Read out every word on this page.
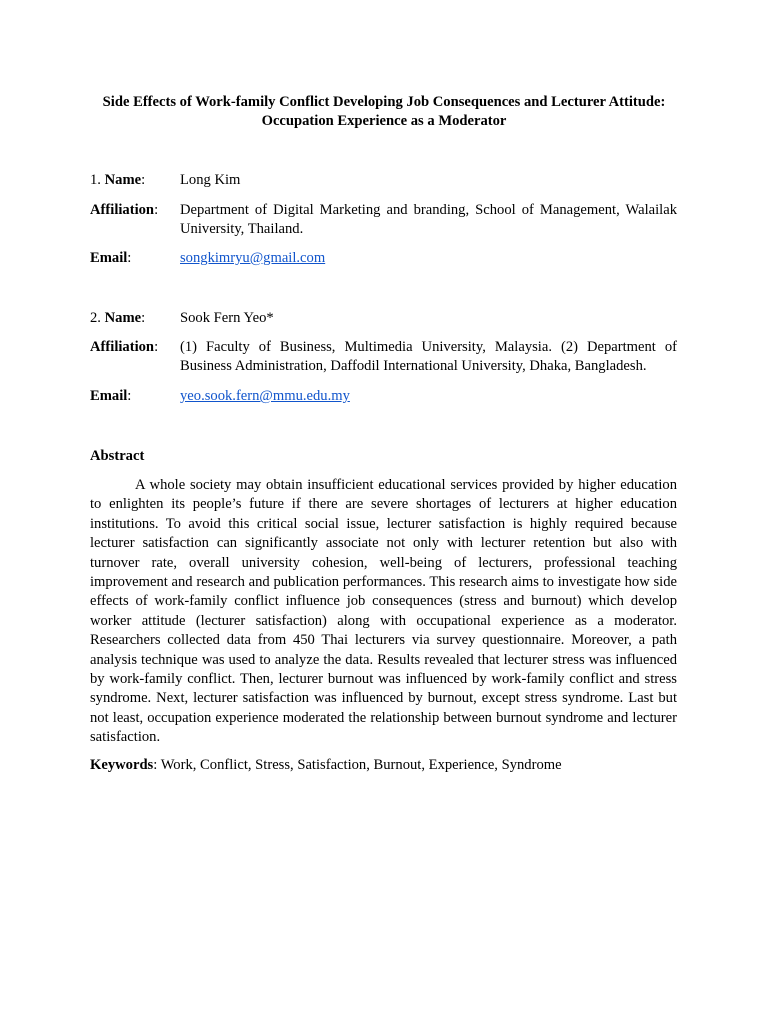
Side Effects of Work-family Conflict Developing Job Consequences and Lecturer Attitude:
Occupation Experience as a Moderator
1. Name:	Long Kim
Affiliation:	Department of Digital Marketing and branding, School of Management, Walailak University, Thailand.
Email:	songkimryu@gmail.com
2. Name:	Sook Fern Yeo*
Affiliation:	(1) Faculty of Business, Multimedia University, Malaysia. (2) Department of Business Administration, Daffodil International University, Dhaka, Bangladesh.
Email:	yeo.sook.fern@mmu.edu.my
Abstract
A whole society may obtain insufficient educational services provided by higher education to enlighten its people’s future if there are severe shortages of lecturers at higher education institutions. To avoid this critical social issue, lecturer satisfaction is highly required because lecturer satisfaction can significantly associate not only with lecturer retention but also with turnover rate, overall university cohesion, well-being of lecturers, professional teaching improvement and research and publication performances. This research aims to investigate how side effects of work-family conflict influence job consequences (stress and burnout) which develop worker attitude (lecturer satisfaction) along with occupational experience as a moderator. Researchers collected data from 450 Thai lecturers via survey questionnaire. Moreover, a path analysis technique was used to analyze the data. Results revealed that lecturer stress was influenced by work-family conflict. Then, lecturer burnout was influenced by work-family conflict and stress syndrome. Next, lecturer satisfaction was influenced by burnout, except stress syndrome. Last but not least, occupation experience moderated the relationship between burnout syndrome and lecturer satisfaction.
Keywords: Work, Conflict, Stress, Satisfaction, Burnout, Experience, Syndrome
